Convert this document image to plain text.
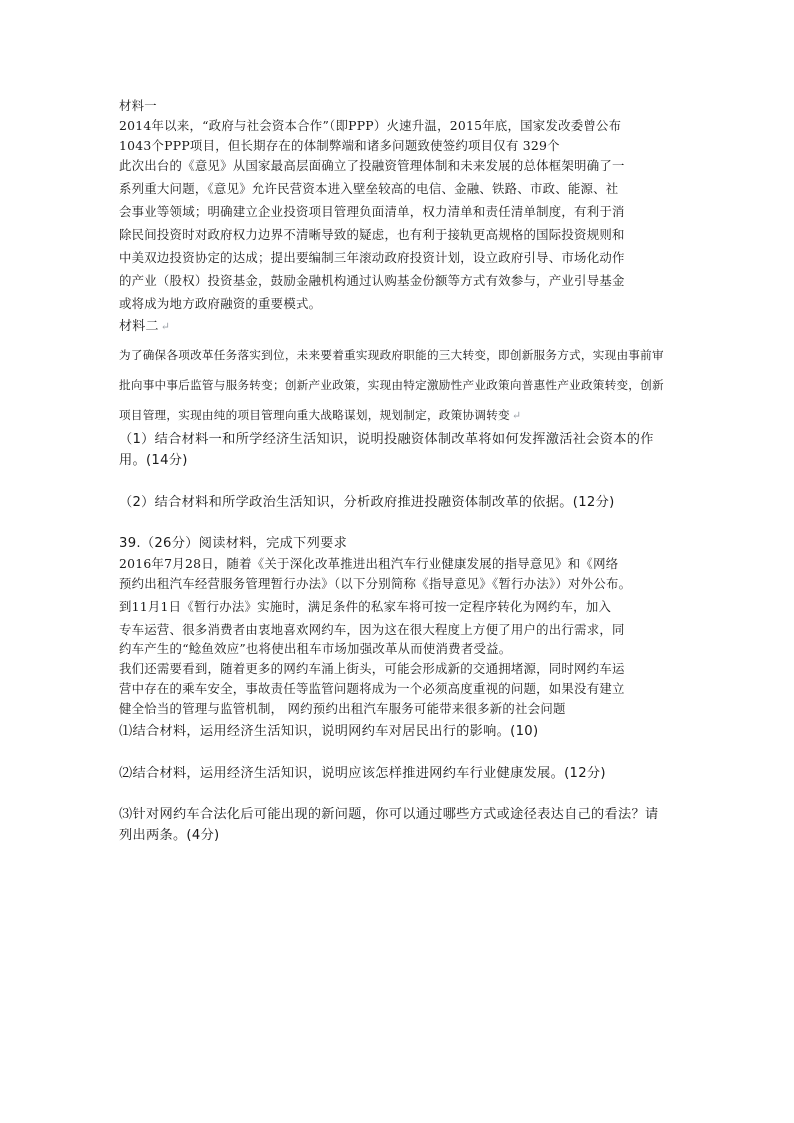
材料一
2014年以来，“政府与社会资本合作”（即PPP）火速升温，2015年底，国家发改委曾公布
1043个PPP项目，但长期存在的体制弊端和诸多问题致使签约项目仅有 329个
此次出台的《意见》从国家最高层面确立了投融资管理体制和未来发展的总体框架明确了一
系列重大问题，《意见》允许民营资本进入壁垒较高的电信、金融、铁路、市政、能源、社
会事业等领域；明确建立企业投资项目管理负面清单，权力清单和责任清单制度，有利于消
除民间投资时对政府权力边界不清晰导致的疑虑，也有利于接轨更高规格的国际投资规则和
中美双边投资协定的达成；提出要编制三年滚动政府投资计划，设立政府引导、市场化动作
的产业（股权）投资基金，鼓励金融机构通过认购基金份额等方式有效参与，产业引导基金
或将成为地方政府融资的重要模式。
材料二 ↵
为了确保各项改革任务落实到位，未来要着重实现政府职能的三大转变，即创新服务方式，实现由事前审
批向事中事后监管与服务转变；创新产业政策，实现由特定激励性产业政策向普惠性产业政策转变，创新
项目管理，实现由纯的项目管理向重大战略谋划，规划制定，政策协调转变 ↵
（1）结合材料一和所学经济生活知识，说明投融资体制改革将如何发挥激活社会资本的作
用。(14分)
（2）结合材料和所学政治生活知识，分析政府推进投融资体制改革的依据。(12分)
39.（26分）阅读材料，完成下列要求
2016年7月28日，随着《关于深化改革推进出租汽车行业健康发展的指导意见》和《网络
预约出租汽车经营服务管理暂行办法》（以下分别简称《指导意见》《暂行办法》）对外公布。
到11月1日《暂行办法》实施时，满足条件的私家车将可按一定程序转化为网约车，加入
专车运营、很多消费者由衷地喜欢网约车，因为这在很大程度上方便了用户的出行需求，同
约车产生的“鲶鱼效应”也将使出租车市场加强改革从而使消费者受益。
我们还需要看到，随着更多的网约车涌上街头，可能会形成新的交通拥堵源，同时网约车运
营中存在的乘车安全，事故责任等监管问题将成为一个必须高度重视的问题，如果没有建立
健全恰当的管理与监管机制， 网约预约出租汽车服务可能带来很多新的社会问题
⑴结合材料，运用经济生活知识，说明网约车对居民出行的影响。(10)
⑵结合材料，运用经济生活知识，说明应该怎样推进网约车行业健康发展。(12分)
⑶针对网约车合法化后可能出现的新问题，你可以通过哪些方式或途径表达自己的看法？请
列出两条。(4分)
